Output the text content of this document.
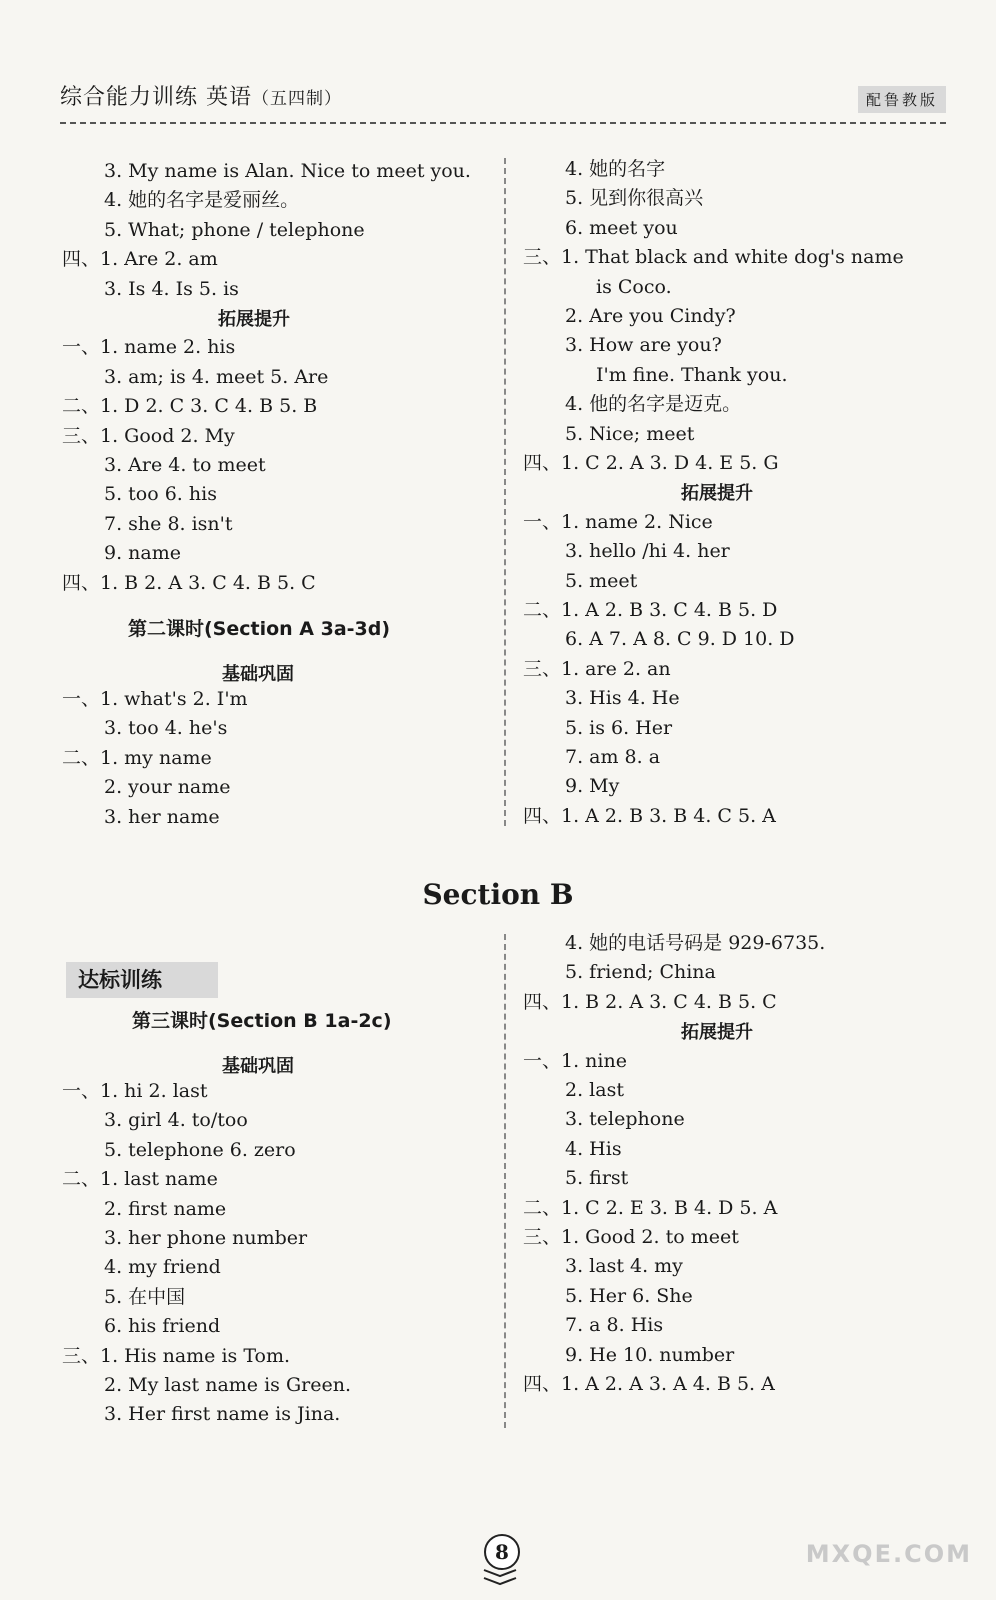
综合能力训练 英语（五四制）	配鲁教版
3. My name is Alan. Nice to meet you.
4. 她的名字是爱丽丝。
5. What; phone / telephone
四、1. Are 2. am
3. Is 4. Is 5. is
拓展提升
一、1. name 2. his
3. am; is 4. meet 5. Are
二、1. D 2. C 3. C 4. B 5. B
三、1. Good 2. My
3. Are 4. to meet
5. too 6. his
7. she 8. isn't
9. name
四、1. B 2. A 3. C 4. B 5. C
第二课时(Section A 3a-3d)
基础巩固
一、1. what's 2. I'm
3. too 4. he's
二、1. my name
2. your name
3. her name
4. 她的名字
5. 见到你很高兴
6. meet you
三、1. That black and white dog's name
is Coco.
2. Are you Cindy?
3. How are you?
I'm fine. Thank you.
4. 他的名字是迈克。
5. Nice; meet
四、1. C 2. A 3. D 4. E 5. G
拓展提升
一、1. name 2. Nice
3. hello /hi 4. her
5. meet
二、1. A 2. B 3. C 4. B 5. D
6. A 7. A 8. C 9. D 10. D
三、1. are 2. an
3. His 4. He
5. is 6. Her
7. am 8. a
9. My
四、1. A 2. B 3. B 4. C 5. A
Section B
达标训练
第三课时(Section B 1a-2c)
基础巩固
一、1. hi 2. last
3. girl 4. to/too
5. telephone 6. zero
二、1. last name
2. first name
3. her phone number
4. my friend
5. 在中国
6. his friend
三、1. His name is Tom.
2. My last name is Green.
3. Her first name is Jina.
4. 她的电话号码是 929-6735.
5. friend; China
四、1. B 2. A 3. C 4. B 5. C
拓展提升
一、1. nine
2. last
3. telephone
4. His
5. first
二、1. C 2. E 3. B 4. D 5. A
三、1. Good 2. to meet
3. last 4. my
5. Her 6. She
7. a 8. His
9. He 10. number
四、1. A 2. A 3. A 4. B 5. A
8	MXQE.COM
